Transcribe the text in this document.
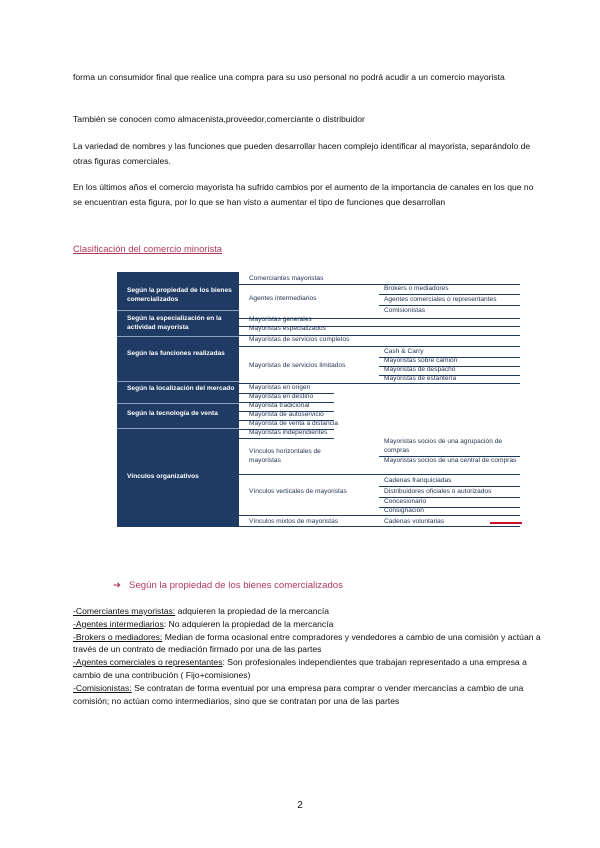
forma un consumidor final que realice una compra para su uso personal no podrá acudir a un comercio mayorista

También se conocen como almacenista,proveedor,comerciante o distribuidor

La variedad de nombres y las funciones que pueden desarrollar hacen complejo identificar al mayorista, separándolo de otras figuras comerciales.

En los últimos años el comercio mayorista ha sufrido cambios por el aumento de la importancia de canales en los que no se encuentran esta figura, por lo que se han visto a aumentar el tipo de funciones que desarrollan

Clasificación del comercio minorista
Según la propiedad de los bienes comercializados
Según la especialización en la actividad mayorista
Según las funciones realizadas
Según la localización del mercado
Según la tecnología de venta
Vínculos organizativos
Comerciantes mayoristas
Agentes intermediarios
Mayoristas generales
Mayoristas especializados
Mayoristas de servicios completos
Mayoristas de servicios limitados
Mayoristas en origen
Mayoristas en destino
Mayorista tradicional
Mayorista de autoservicio
Mayorista de venta a distancia
Mayoristas independientes
Vínculos horizontales de mayoristas
Vínculos verticales de mayoristas
Vínculos mixtos de mayoristas
Brokers o mediadores
Agentes comerciales o representantes
Comisionistas
Cash & Carry
Mayoristas sobre camión
Mayoristas de despacho
Mayoristas de estantería
Mayoristas socios de una agrupación de compras
Mayoristas socios de una central de compras
Cadenas franquiciadas
Distribuidores oficiales o autorizados
Concesionario
Consignación
Cadenas voluntarias
➔ Según la propiedad de los bienes comercializados
-Comerciantes mayoristas: adquieren la propiedad de la mercancía
-Agentes intermediarios: No adquieren la propiedad de la mercancía
-Brokers o mediadores: Median de forma ocasional entre compradores y vendedores a cambio de una comisión y actúan a través de un contrato de mediación firmado por una de las partes
-Agentes comerciales o representantes: Son profesionales independientes que trabajan representado a una empresa a cambio de una contribución ( Fijo+comisiones)
-Comisionistas: Se contratan de forma eventual por una empresa para comprar o vender mercancías a cambio de una comisión; no actúan como intermediarios, sino que se contratan por una de las partes
2
